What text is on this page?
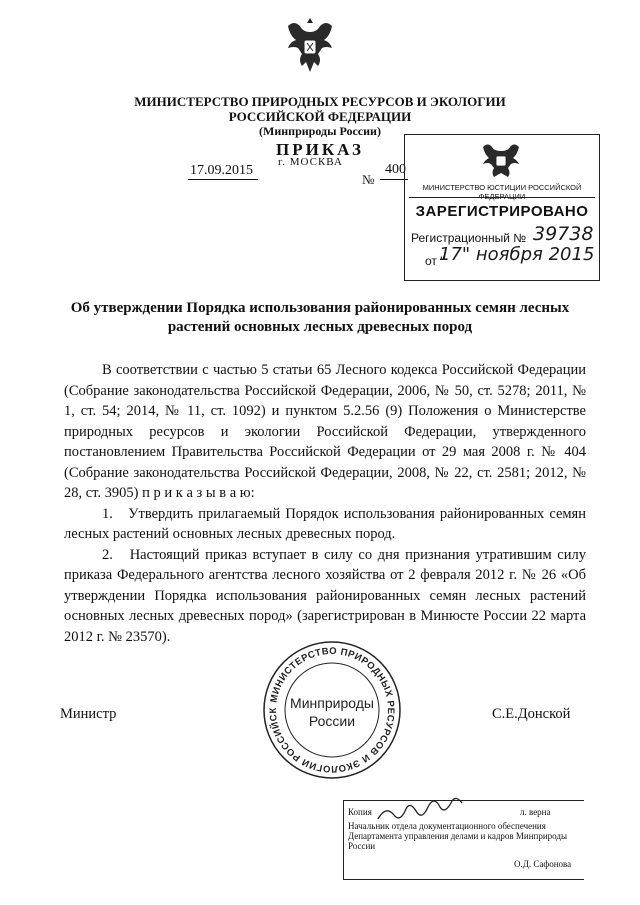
МИНИСТЕРСТВО ПРИРОДНЫХ РЕСУРСОВ И ЭКОЛОГИИ
РОССИЙСКОЙ ФЕДЕРАЦИИ
(Минприроды России)
ПРИКАЗ
17.09.2015
г. МОСКВА
№
400
МИНИСТЕРСТВО ЮСТИЦИИ РОССИЙСКОЙ ФЕДЕРАЦИИ
ЗАРЕГИСТРИРОВАНО
Регистрационный № 39738
от "
17" ноября 2015
Об утверждении Порядка использования районированных семян лесных
растений основных лесных древесных пород

В соответствии с частью 5 статьи 65 Лесного кодекса Российской Федерации (Собрание законодательства Российской Федерации, 2006, № 50, ст. 5278; 2011, № 1, ст. 54; 2014, № 11, ст. 1092) и пунктом 5.2.56 (9) Положения о Министерстве природных ресурсов и экологии Российской Федерации, утвержденного постановлением Правительства Российской Федерации от 29 мая 2008 г. № 404 (Собрание законодательства Российской Федерации, 2008, № 22, ст. 2581; 2012, № 28, ст. 3905) п р и к а з ы в а ю:

1.   Утвердить прилагаемый Порядок использования районированных семян лесных растений основных лесных древесных пород.

2.   Настоящий приказ вступает в силу со дня признания утратившим силу приказа Федерального агентства лесного хозяйства от 2 февраля 2012 г. № 26 «Об утверждении Порядка использования районированных семян лесных растений основных лесных древесных пород» (зарегистрирован в Минюсте России 22 марта 2012 г. № 23570).

Министр	С.Е.Донской
МИНИСТЕРСТВО ПРИРОДНЫХ РЕСУРСОВ И ЭКОЛОГИИ РОССИЙСК Минприроды
России
Копия	л. верна
Начальник отдела документационного обеспечения Департамента управления делами и кадров Минприроды России
О.Д. Сафонова
